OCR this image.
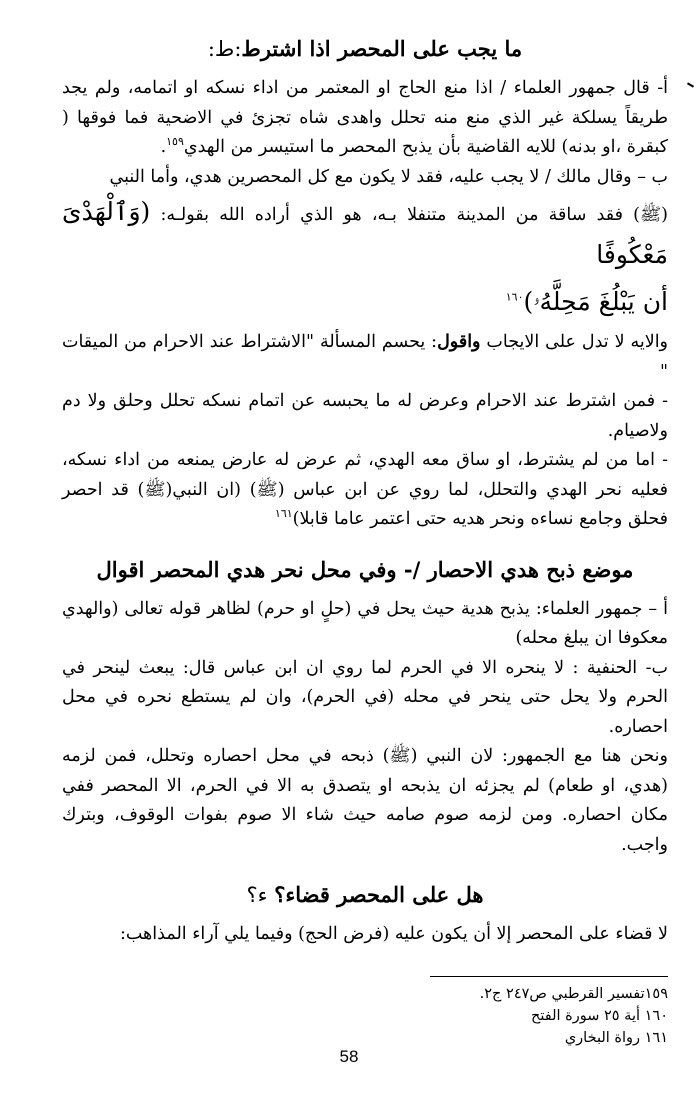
ما يجب على المحصر اذا اشترط:ط:

أ- قال جمهور العلماء / اذا منع الحاج او المعتمر من اداء نسكه او اتمامه، ولم يجد طريقاً يسلكة غير الذي منع منه تحلل واهدى شاه تجزئ في الاضحية فما فوقها ( كبقرة ،او بدنه) للايه القاضية بأن يذبح المحصر ما استيسر من الهدي$^{١٥٩}$.

ب – وقال مالك / لا يجب عليه، فقد لا يكون مع كل المحصرين هدي، وأما النبي

(ﷺ) فقد ساقة من المدينة متنفلا بـه، هو الذي أراده الله بقولـه: (وَٱلْهَدْىَ مَعْكُوفًا

أن يَبْلُغَ مَحِلَّهُۥ)$^{١٦٠}$

والايه لا تدل على الايجاب واقول: يحسم المسألة "الاشتراط عند الاحرام من الميقات "

- فمن اشترط عند الاحرام وعرض له ما يحبسه عن اتمام نسكه تحلل وحلق ولا دم ولاصيام.

- اما من لم يشترط، او ساق معه الهدي، ثم عرض له عارض يمنعه من اداء نسكه، فعليه نحر الهدي والتحلل، لما روي عن ابن عباس (ﷺ) (ان النبي(ﷺ) قد احصر فحلق وجامع نساءه ونحر هديه حتى اعتمر عاما قابلا)$^{١٦١}$

موضع ذبح هدي الاحصار /- وفي محل نحر هدي المحصر اقوال

أ – جمهور العلماء: يذبح هدية حيث يحل في (حلٍ او حرم) لظاهر قوله تعالى (والهدي معكوفا ان يبلغ محله)

ب- الحنفية : لا ينحره الا في الحرم لما روي ان ابن عباس قال: يبعث لينحر في الحرم ولا يحل حتى ينحر في محله (في الحرم)، وان لم يستطع نحره في محل احصاره.

ونحن هنا مع الجمهور: لان النبي (ﷺ) ذبحه في محل احصاره وتحلل، فمن لزمه (هدي، او طعام) لم يجزئه ان يذبحه او يتصدق به الا في الحرم، الا المحصر ففي مكان احصاره. ومن لزمه صوم صامه حيث شاء الا صوم بفوات الوقوف، وبترك واجب.

هل على المحصر قضاء؟ ء؟

لا قضاء على المحصر إلا أن يكون عليه (فرض الحج) وفيما يلي آراء المذاهب:

١٥٩تفسير القرطبي ص٢٤٧ ج٢.

١٦٠ أية ٢٥ سورة الفتح

١٦١ رواة البخاري

58
